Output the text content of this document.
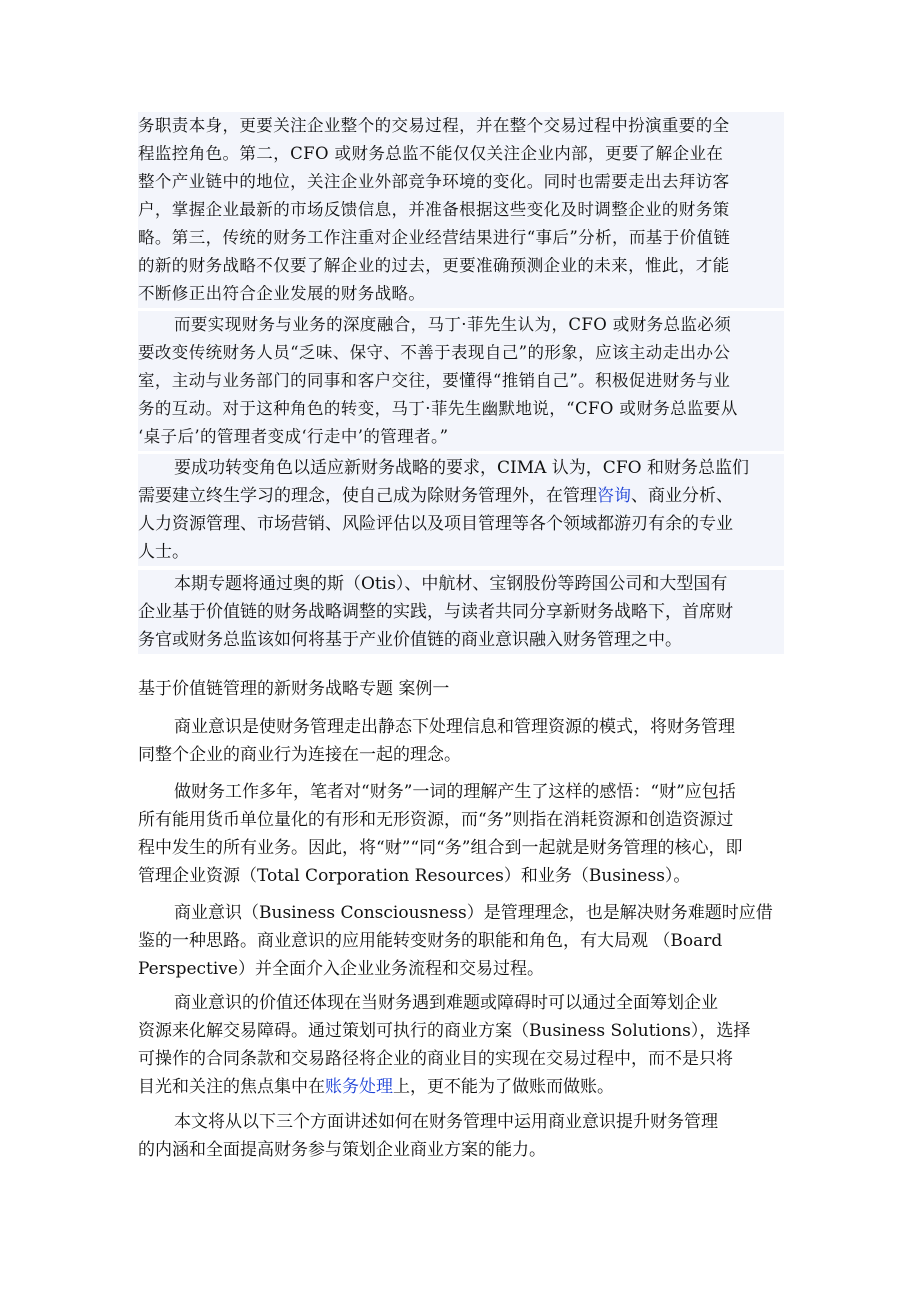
务职责本身，更要关注企业整个的交易过程，并在整个交易过程中扮演重要的全
程监控角色。第二，CFO 或财务总监不能仅仅关注企业内部，更要了解企业在
整个产业链中的地位，关注企业外部竞争环境的变化。同时也需要走出去拜访客
户，掌握企业最新的市场反馈信息，并准备根据这些变化及时调整企业的财务策
略。第三，传统的财务工作注重对企业经营结果进行“事后”分析，而基于价值链
的新的财务战略不仅要了解企业的过去，更要准确预测企业的未来，惟此，才能
不断修正出符合企业发展的财务战略。
而要实现财务与业务的深度融合，马丁·菲先生认为，CFO 或财务总监必须
要改变传统财务人员“乏味、保守、不善于表现自己”的形象，应该主动走出办公
室，主动与业务部门的同事和客户交往，要懂得“推销自己”。积极促进财务与业
务的互动。对于这种角色的转变，马丁·菲先生幽默地说，“CFO 或财务总监要从
‘桌子后’的管理者变成‘行走中’的管理者。”
要成功转变角色以适应新财务战略的要求，CIMA 认为，CFO 和财务总监们
需要建立终生学习的理念，使自己成为除财务管理外，在管理咨询、商业分析、
人力资源管理、市场营销、风险评估以及项目管理等各个领域都游刃有余的专业
人士。
本期专题将通过奥的斯（Otis）、中航材、宝钢股份等跨国公司和大型国有
企业基于价值链的财务战略调整的实践，与读者共同分享新财务战略下，首席财
务官或财务总监该如何将基于产业价值链的商业意识融入财务管理之中。
基于价值链管理的新财务战略专题 案例一
商业意识是使财务管理走出静态下处理信息和管理资源的模式，将财务管理
同整个企业的商业行为连接在一起的理念。
做财务工作多年，笔者对“财务”一词的理解产生了这样的感悟：“财”应包括
所有能用货币单位量化的有形和无形资源，而“务”则指在消耗资源和创造资源过
程中发生的所有业务。因此，将“财”“同“务”组合到一起就是财务管理的核心，即
管理企业资源（Total Corporation Resources）和业务（Business）。
商业意识（Business Consciousness）是管理理念，也是解决财务难题时应借
鉴的一种思路。商业意识的应用能转变财务的职能和角色，有大局观 （Board
Perspective）并全面介入企业业务流程和交易过程。
商业意识的价值还体现在当财务遇到难题或障碍时可以通过全面筹划企业
资源来化解交易障碍。通过策划可执行的商业方案（Business Solutions），选择
可操作的合同条款和交易路径将企业的商业目的实现在交易过程中，而不是只将
目光和关注的焦点集中在账务处理上，更不能为了做账而做账。
本文将从以下三个方面讲述如何在财务管理中运用商业意识提升财务管理
的内涵和全面提高财务参与策划企业商业方案的能力。
